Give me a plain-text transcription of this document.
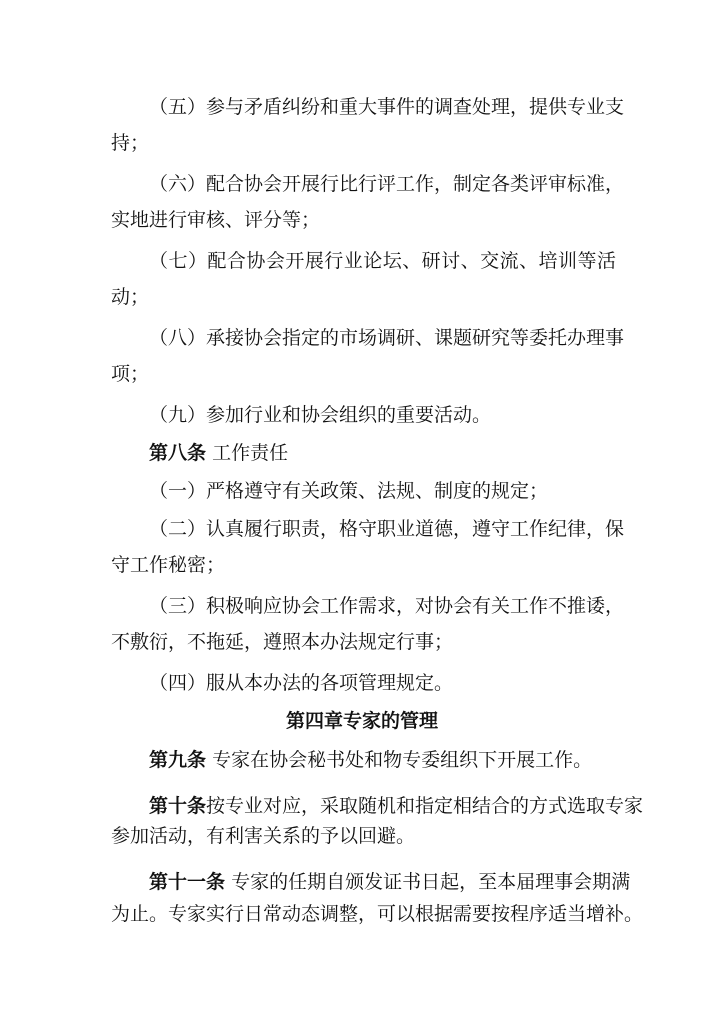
（五）参与矛盾纠纷和重大事件的调查处理，提供专业支
持；
（六）配合协会开展行比行评工作，制定各类评审标准，
实地进行审核、评分等；
（七）配合协会开展行业论坛、研讨、交流、培训等活
动；
（八）承接协会指定的市场调研、课题研究等委托办理事
项；
（九）参加行业和协会组织的重要活动。
第八条 工作责任
（一）严格遵守有关政策、法规、制度的规定；
（二）认真履行职责，格守职业道德，遵守工作纪律，保
守工作秘密；
（三）积极响应协会工作需求，对协会有关工作不推诿，
不敷衍，不拖延，遵照本办法规定行事；
（四）服从本办法的各项管理规定。
第四章专家的管理
第九条 专家在协会秘书处和物专委组织下开展工作。
第十条按专业对应，采取随机和指定相结合的方式选取专家
参加活动，有利害关系的予以回避。
第十一条 专家的任期自颁发证书日起，至本届理事会期满
为止。专家实行日常动态调整，可以根据需要按程序适当增补。
